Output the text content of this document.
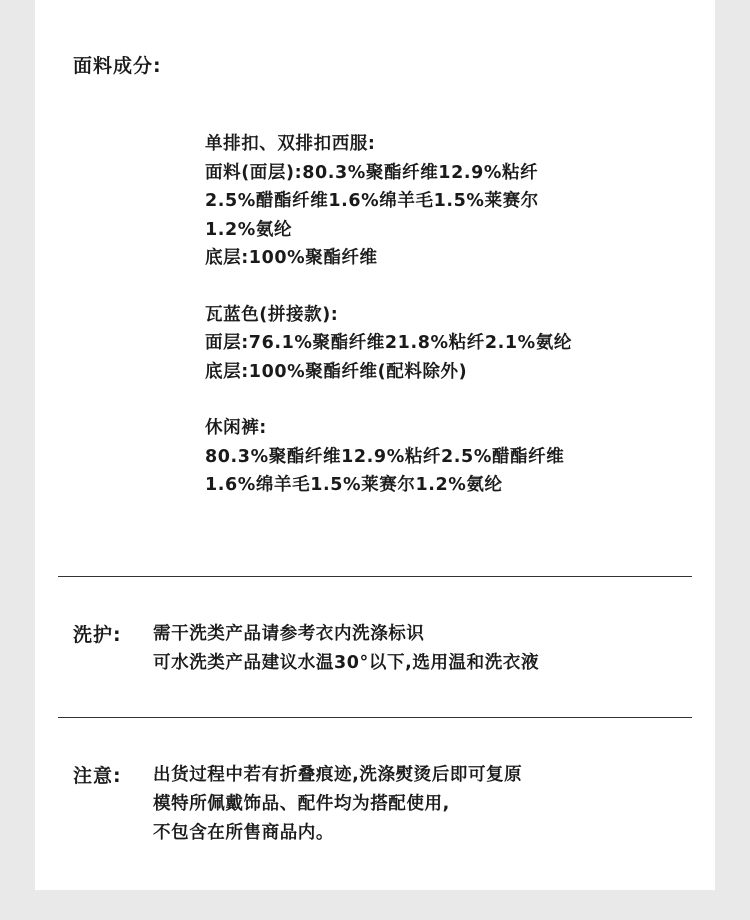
面料成分:
单排扣、双排扣西服:
面料(面层):80.3%聚酯纤维12.9%粘纤
2.5%醋酯纤维1.6%绵羊毛1.5%莱赛尔
1.2%氨纶
底层:100%聚酯纤维
瓦蓝色(拼接款):
面层:76.1%聚酯纤维21.8%粘纤2.1%氨纶
底层:100%聚酯纤维(配料除外)
休闲裤:
80.3%聚酯纤维12.9%粘纤2.5%醋酯纤维
1.6%绵羊毛1.5%莱赛尔1.2%氨纶
洗护:	需干洗类产品请参考衣内洗涤标识
可水洗类产品建议水温30°以下,选用温和洗衣液
注意:	出货过程中若有折叠痕迹,洗涤熨烫后即可复原
模特所佩戴饰品、配件均为搭配使用,
不包含在所售商品内。
